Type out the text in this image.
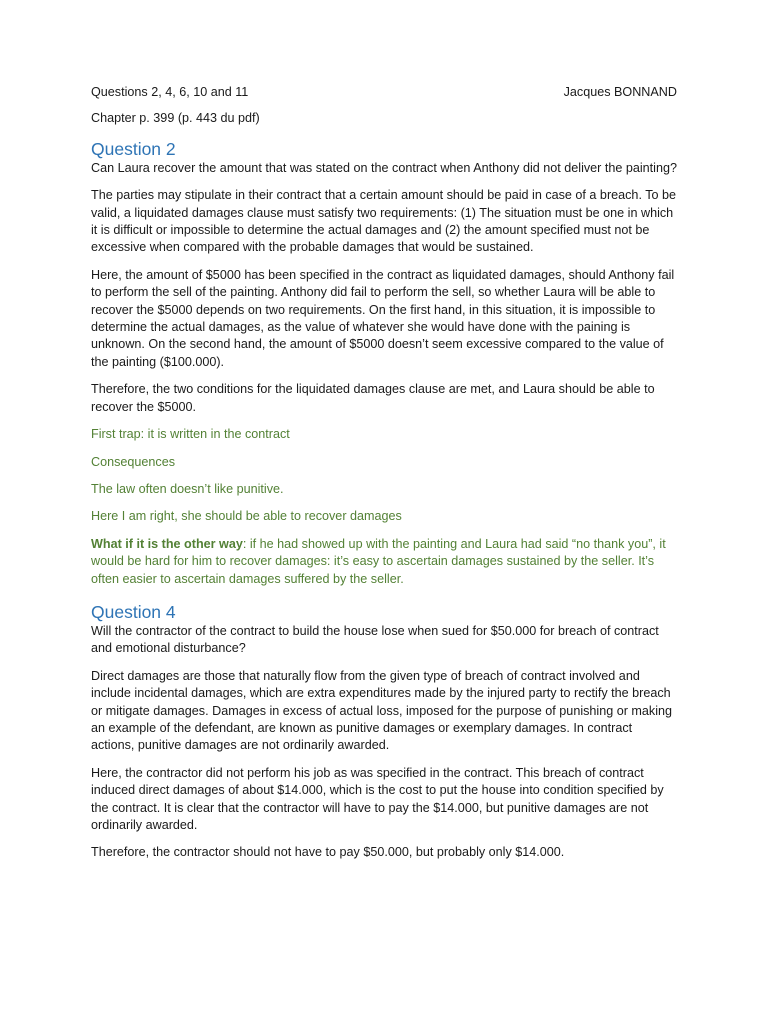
Questions 2, 4, 6, 10 and 11	Jacques BONNAND

Chapter p. 399 (p. 443 du pdf)

Question 2

Can Laura recover the amount that was stated on the contract when Anthony did not deliver the painting?

The parties may stipulate in their contract that a certain amount should be paid in case of a breach. To be valid, a liquidated damages clause must satisfy two requirements: (1) The situation must be one in which it is difficult or impossible to determine the actual damages and (2) the amount specified must not be excessive when compared with the probable damages that would be sustained.

Here, the amount of $5000 has been specified in the contract as liquidated damages, should Anthony fail to perform the sell of the painting. Anthony did fail to perform the sell, so whether Laura will be able to recover the $5000 depends on two requirements. On the first hand, in this situation, it is impossible to determine the actual damages, as the value of whatever she would have done with the paining is unknown. On the second hand, the amount of $5000 doesn’t seem excessive compared to the value of the painting ($100.000).

Therefore, the two conditions for the liquidated damages clause are met, and Laura should be able to recover the $5000.

First trap: it is written in the contract

Consequences

The law often doesn’t like punitive.

Here I am right, she should be able to recover damages

What if it is the other way: if he had showed up with the painting and Laura had said “no thank you”, it would be hard for him to recover damages: it’s easy to ascertain damages sustained by the seller. It’s often easier to ascertain damages suffered by the seller.

Question 4

Will the contractor of the contract to build the house lose when sued for $50.000 for breach of contract and emotional disturbance?

Direct damages are those that naturally flow from the given type of breach of contract involved and include incidental damages, which are extra expenditures made by the injured party to rectify the breach or mitigate damages. Damages in excess of actual loss, imposed for the purpose of punishing or making an example of the defendant, are known as punitive damages or exemplary damages. In contract actions, punitive damages are not ordinarily awarded.

Here, the contractor did not perform his job as was specified in the contract. This breach of contract induced direct damages of about $14.000, which is the cost to put the house into condition specified by the contract. It is clear that the contractor will have to pay the $14.000, but punitive damages are not ordinarily awarded.

Therefore, the contractor should not have to pay $50.000, but probably only $14.000.
